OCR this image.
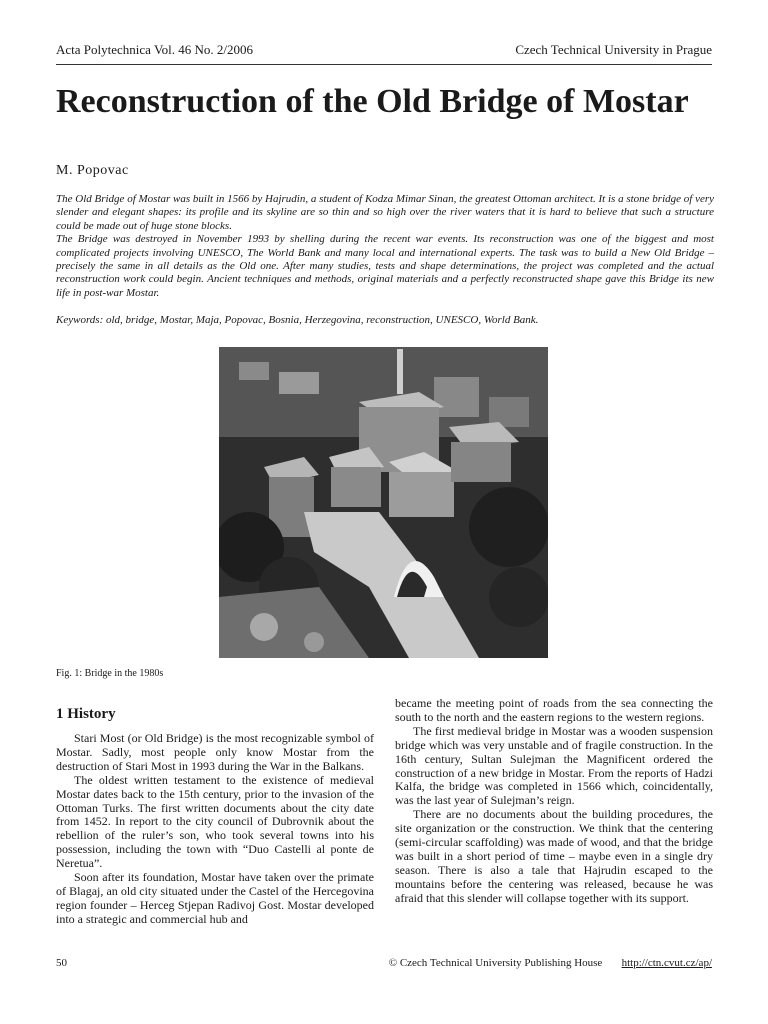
Acta Polytechnica Vol. 46 No. 2/2006	Czech Technical University in Prague
Reconstruction of the Old Bridge of Mostar
M. Popovac

The Old Bridge of Mostar was built in 1566 by Hajrudin, a student of Kodza Mimar Sinan, the greatest Ottoman architect. It is a stone bridge of very slender and elegant shapes: its profile and its skyline are so thin and so high over the river waters that it is hard to believe that such a structure could be made out of huge stone blocks.

The Bridge was destroyed in November 1993 by shelling during the recent war events. Its reconstruction was one of the biggest and most complicated projects involving UNESCO, The World Bank and many local and international experts. The task was to build a New Old Bridge – precisely the same in all details as the Old one. After many studies, tests and shape determinations, the project was completed and the actual reconstruction work could begin. Ancient techniques and methods, original materials and a perfectly reconstructed shape gave this Bridge its new life in post-war Mostar.

Keywords: old, bridge, Mostar, Maja, Popovac, Bosnia, Herzegovina, reconstruction, UNESCO, World Bank.
Fig. 1: Bridge in the 1980s
1 History

Stari Most (or Old Bridge) is the most recognizable symbol of Mostar. Sadly, most people only know Mostar from the destruction of Stari Most in 1993 during the War in the Balkans.

The oldest written testament to the existence of medieval Mostar dates back to the 15th century, prior to the invasion of the Ottoman Turks. The first written documents about the city date from 1452. In report to the city council of Dubrovnik about the rebellion of the ruler’s son, who took several towns into his possession, including the town with “Duo Castelli al ponte de Neretua”.

Soon after its foundation, Mostar have taken over the primate of Blagaj, an old city situated under the Castel of the Hercegovina region founder – Herceg Stjepan Radivoj Gost. Mostar developed into a strategic and commercial hub and

became the meeting point of roads from the sea connecting the south to the north and the eastern regions to the western regions.

The first medieval bridge in Mostar was a wooden suspension bridge which was very unstable and of fragile construction. In the 16th century, Sultan Sulejman the Magnificent ordered the construction of a new bridge in Mostar. From the reports of Hadzi Kalfa, the bridge was completed in 1566 which, coincidentally, was the last year of Sulejman’s reign.

There are no documents about the building procedures, the site organization or the construction. We think that the centering (semi-circular scaffolding) was made of wood, and that the bridge was built in a short period of time – maybe even in a single dry season. There is also a tale that Hajrudin escaped to the mountains before the centering was released, because he was afraid that this slender will collapse together with its support.

50	© Czech Technical University Publishing House http://ctn.cvut.cz/ap/
